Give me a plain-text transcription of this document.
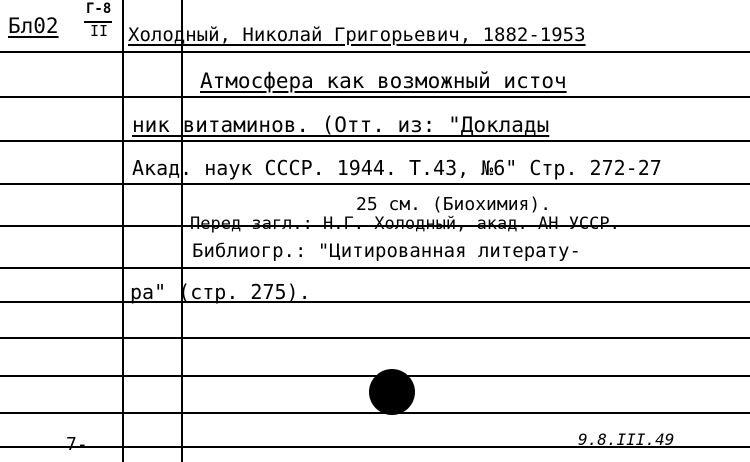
Бл02
Г-8
II Холодный, Николай Григорьевич, 1882-1953
Атмосфера как возможный источ
ник витаминов. (Отт. из: "Доклады
Акад. наук СССР. 1944. Т.43, №6" Стр. 272-27
25 см. (Биохимия).
Перед загл.: Н.Г. Холодный, акад. АН УССР.
Библиогр.: "Цитированная литерату-
ра" (стр. 275).
7-	9.8.III.49
